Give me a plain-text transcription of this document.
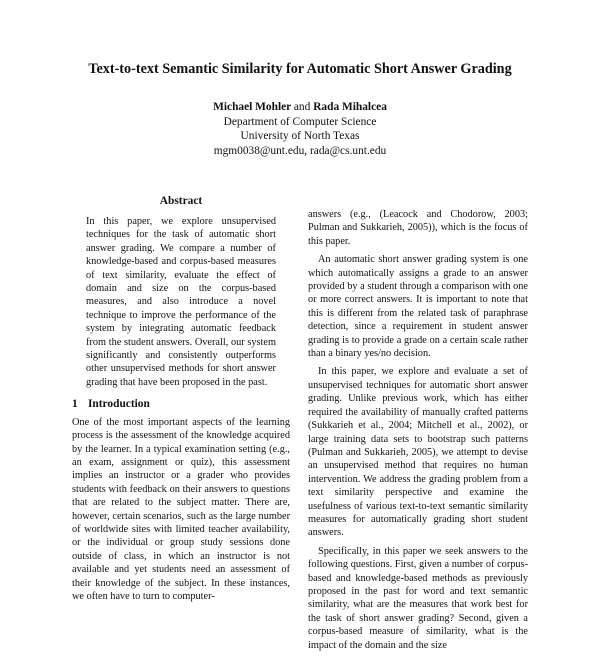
Text-to-text Semantic Similarity for Automatic Short Answer Grading
Michael Mohler and Rada Mihalcea
Department of Computer Science
University of North Texas
mgm0038@unt.edu, rada@cs.unt.edu
Abstract
In this paper, we explore unsupervised techniques for the task of automatic short answer grading. We compare a number of knowledge-based and corpus-based measures of text similarity, evaluate the effect of domain and size on the corpus-based measures, and also introduce a novel technique to improve the performance of the system by integrating automatic feedback from the student answers. Overall, our system significantly and consistently outperforms other unsupervised methods for short answer grading that have been proposed in the past.
1 Introduction
One of the most important aspects of the learning process is the assessment of the knowledge acquired by the learner. In a typical examination setting (e.g., an exam, assignment or quiz), this assessment implies an instructor or a grader who provides students with feedback on their answers to questions that are related to the subject matter. There are, however, certain scenarios, such as the large number of worldwide sites with limited teacher availability, or the individual or group study sessions done outside of class, in which an instructor is not available and yet students need an assessment of their knowledge of the subject. In these instances, we often have to turn to computer-
answers (e.g., (Leacock and Chodorow, 2003; Pulman and Sukkarieh, 2005)), which is the focus of this paper.
An automatic short answer grading system is one which automatically assigns a grade to an answer provided by a student through a comparison with one or more correct answers. It is important to note that this is different from the related task of paraphrase detection, since a requirement in student answer grading is to provide a grade on a certain scale rather than a binary yes/no decision.
In this paper, we explore and evaluate a set of unsupervised techniques for automatic short answer grading. Unlike previous work, which has either required the availability of manually crafted patterns (Sukkarieh et al., 2004; Mitchell et al., 2002), or large training data sets to bootstrap such patterns (Pulman and Sukkarieh, 2005), we attempt to devise an unsupervised method that requires no human intervention. We address the grading problem from a text similarity perspective and examine the usefulness of various text-to-text semantic similarity measures for automatically grading short student answers.
Specifically, in this paper we seek answers to the following questions. First, given a number of corpus-based and knowledge-based methods as previously proposed in the past for word and text semantic similarity, what are the measures that work best for the task of short answer grading? Second, given a corpus-based measure of similarity, what is the impact of the domain and the size
